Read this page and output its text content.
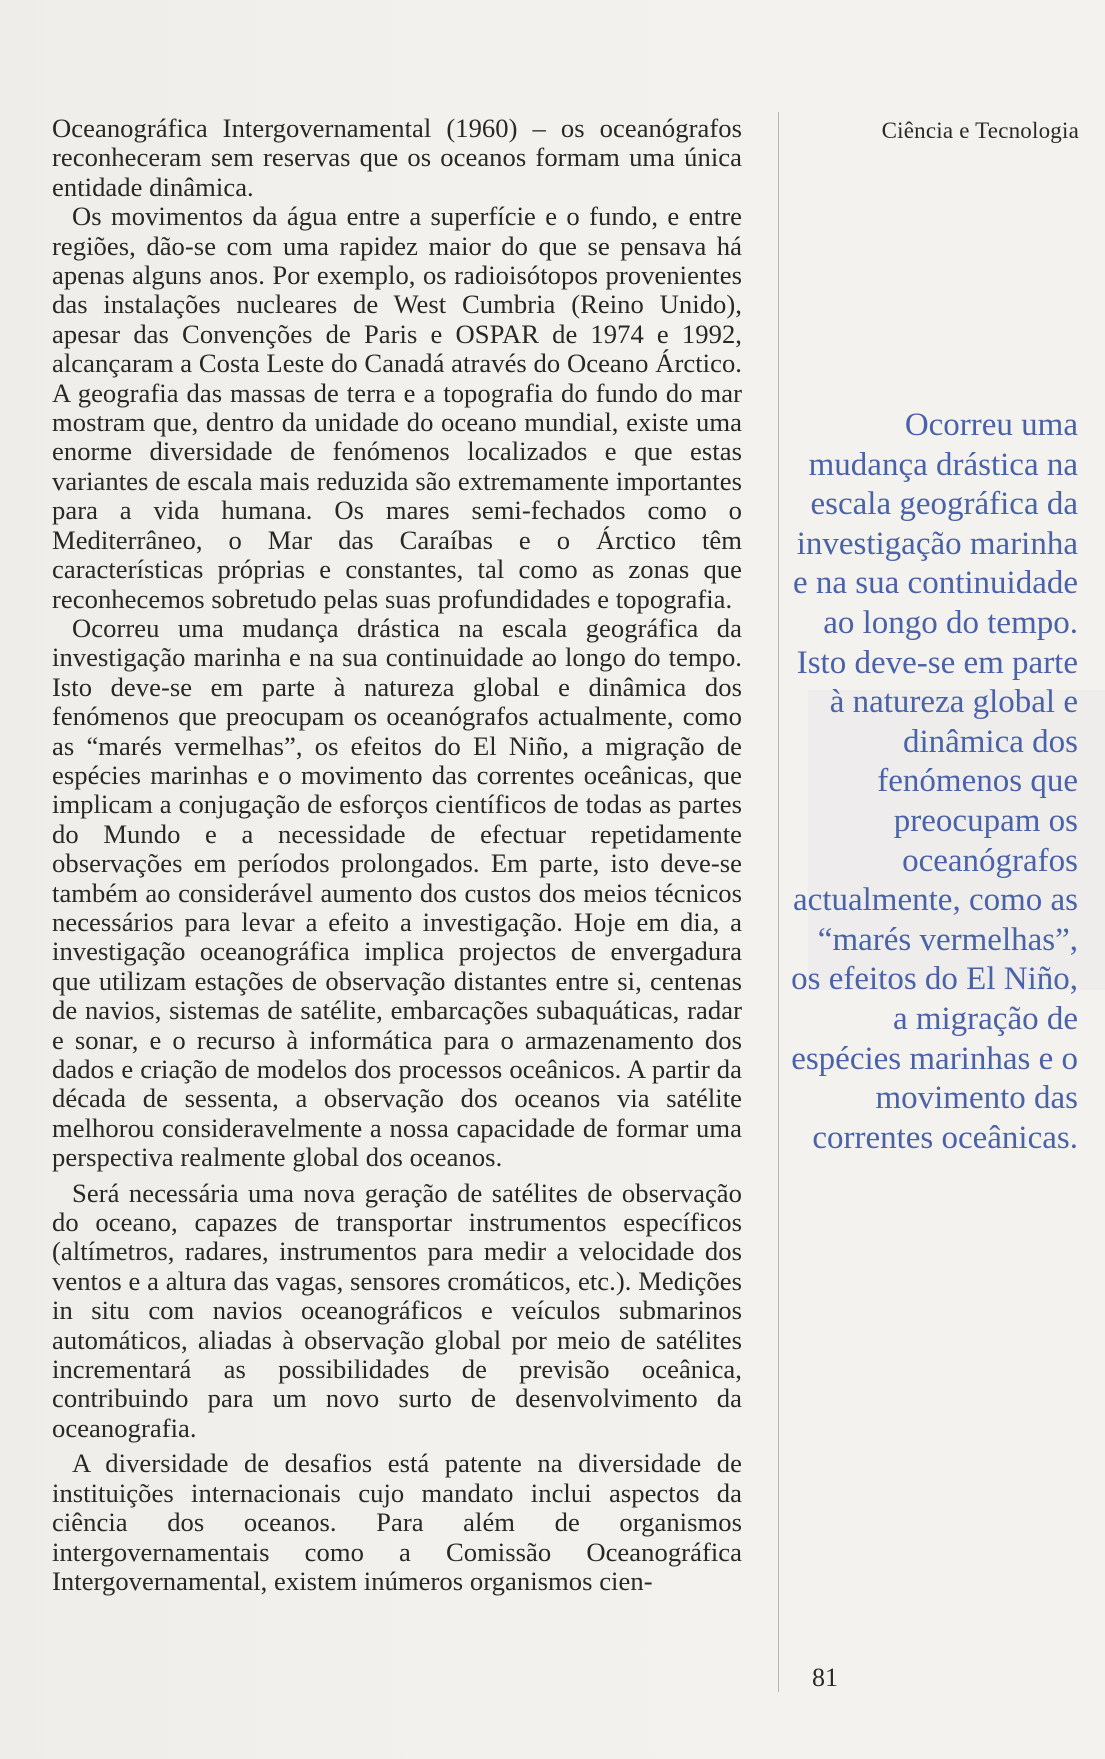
Oceanográfica Intergovernamental (1960) – os oceanógrafos reconheceram sem reservas que os oceanos formam uma única entidade dinâmica.

Os movimentos da água entre a superfície e o fundo, e entre regiões, dão-se com uma rapidez maior do que se pensava há apenas alguns anos. Por exemplo, os radioisótopos provenientes das instalações nucleares de West Cumbria (Reino Unido), apesar das Convenções de Paris e OSPAR de 1974 e 1992, alcançaram a Costa Leste do Canadá através do Oceano Árctico. A geografia das massas de terra e a topografia do fundo do mar mostram que, dentro da unidade do oceano mundial, existe uma enorme diversidade de fenómenos localizados e que estas variantes de escala mais reduzida são extremamente importantes para a vida humana. Os mares semi-fechados como o Mediterrâneo, o Mar das Caraíbas e o Árctico têm características próprias e constantes, tal como as zonas que reconhecemos sobretudo pelas suas profundidades e topografia.

Ocorreu uma mudança drástica na escala geográfica da investigação marinha e na sua continuidade ao longo do tempo. Isto deve-se em parte à natureza global e dinâmica dos fenómenos que preocupam os oceanógrafos actualmente, como as “marés vermelhas”, os efeitos do El Niño, a migração de espécies marinhas e o movimento das correntes oceânicas, que implicam a conjugação de esforços científicos de todas as partes do Mundo e a necessidade de efectuar repetidamente observações em períodos prolongados. Em parte, isto deve-se também ao considerável aumento dos custos dos meios técnicos necessários para levar a efeito a investigação. Hoje em dia, a investigação oceanográfica implica projectos de envergadura que utilizam estações de observação distantes entre si, centenas de navios, sistemas de satélite, embarcações subaquáticas, radar e sonar, e o recurso à informática para o armazenamento dos dados e criação de modelos dos processos oceânicos. A partir da década de sessenta, a observação dos oceanos via satélite melhorou consideravelmente a nossa capacidade de formar uma perspectiva realmente global dos oceanos.

Será necessária uma nova geração de satélites de observação do oceano, capazes de transportar instrumentos específicos (altímetros, radares, instrumentos para medir a velocidade dos ventos e a altura das vagas, sensores cromáticos, etc.). Medições in situ com navios oceanográficos e veículos submarinos automáticos, aliadas à observação global por meio de satélites incrementará as possibilidades de previsão oceânica, contribuindo para um novo surto de desenvolvimento da oceanografia.

A diversidade de desafios está patente na diversidade de instituições internacionais cujo mandato inclui aspectos da ciência dos oceanos. Para além de organismos intergovernamentais como a Comissão Oceanográfica Intergovernamental, existem inúmeros organismos cien-

Ciência e Tecnologia

Ocorreu uma mudança drástica na escala geográfica da investigação marinha e na sua continuidade ao longo do tempo. Isto deve-se em parte à natureza global e dinâmica dos fenómenos que preocupam os oceanógrafos actualmente, como as “marés vermelhas”, os efeitos do El Niño, a migração de espécies marinhas e o movimento das correntes oceânicas.

81
